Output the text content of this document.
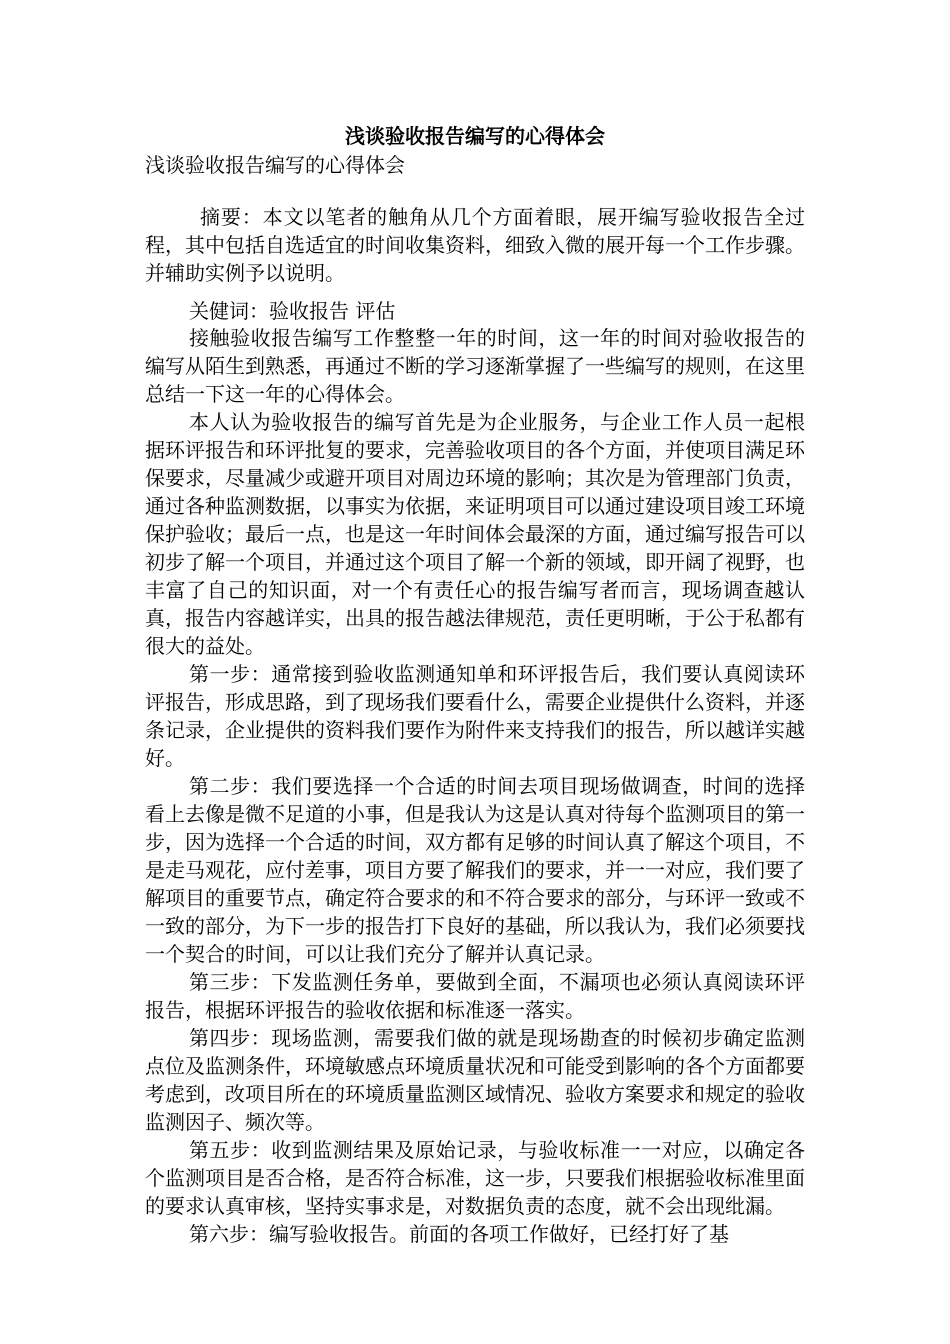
浅谈验收报告编写的心得体会

浅谈验收报告编写的心得体会

摘要：本文以笔者的触角从几个方面着眼，展开编写验收报告全过程，其中包括自选适宜的时间收集资料，细致入微的展开每一个工作步骤。并辅助实例予以说明。

关健词：验收报告 评估

接触验收报告编写工作整整一年的时间，这一年的时间对验收报告的编写从陌生到熟悉，再通过不断的学习逐渐掌握了一些编写的规则，在这里总结一下这一年的心得体会。

本人认为验收报告的编写首先是为企业服务，与企业工作人员一起根据环评报告和环评批复的要求，完善验收项目的各个方面，并使项目满足环保要求，尽量减少或避开项目对周边环境的影响；其次是为管理部门负责，通过各种监测数据，以事实为依据，来证明项目可以通过建设项目竣工环境保护验收；最后一点，也是这一年时间体会最深的方面，通过编写报告可以初步了解一个项目，并通过这个项目了解一个新的领域，即开阔了视野，也丰富了自己的知识面，对一个有责任心的报告编写者而言，现场调查越认真，报告内容越详实，出具的报告越法律规范，责任更明晰，于公于私都有很大的益处。

第一步：通常接到验收监测通知单和环评报告后，我们要认真阅读环评报告，形成思路，到了现场我们要看什么，需要企业提供什么资料，并逐条记录，企业提供的资料我们要作为附件来支持我们的报告，所以越详实越好。

第二步：我们要选择一个合适的时间去项目现场做调查，时间的选择看上去像是微不足道的小事，但是我认为这是认真对待每个监测项目的第一步，因为选择一个合适的时间，双方都有足够的时间认真了解这个项目，不是走马观花，应付差事，项目方要了解我们的要求，并一一对应，我们要了解项目的重要节点，确定符合要求的和不符合要求的部分，与环评一致或不一致的部分，为下一步的报告打下良好的基础，所以我认为，我们必须要找一个契合的时间，可以让我们充分了解并认真记录。

第三步：下发监测任务单，要做到全面，不漏项也必须认真阅读环评报告，根据环评报告的验收依据和标准逐一落实。

第四步：现场监测，需要我们做的就是现场勘查的时候初步确定监测点位及监测条件，环境敏感点环境质量状况和可能受到影响的各个方面都要考虑到，改项目所在的环境质量监测区域情况、验收方案要求和规定的验收监测因子、频次等。

第五步：收到监测结果及原始记录，与验收标准一一对应，以确定各个监测项目是否合格，是否符合标准，这一步，只要我们根据验收标准里面的要求认真审核，坚持实事求是，对数据负责的态度，就不会出现纰漏。

第六步：编写验收报告。前面的各项工作做好，已经打好了基
